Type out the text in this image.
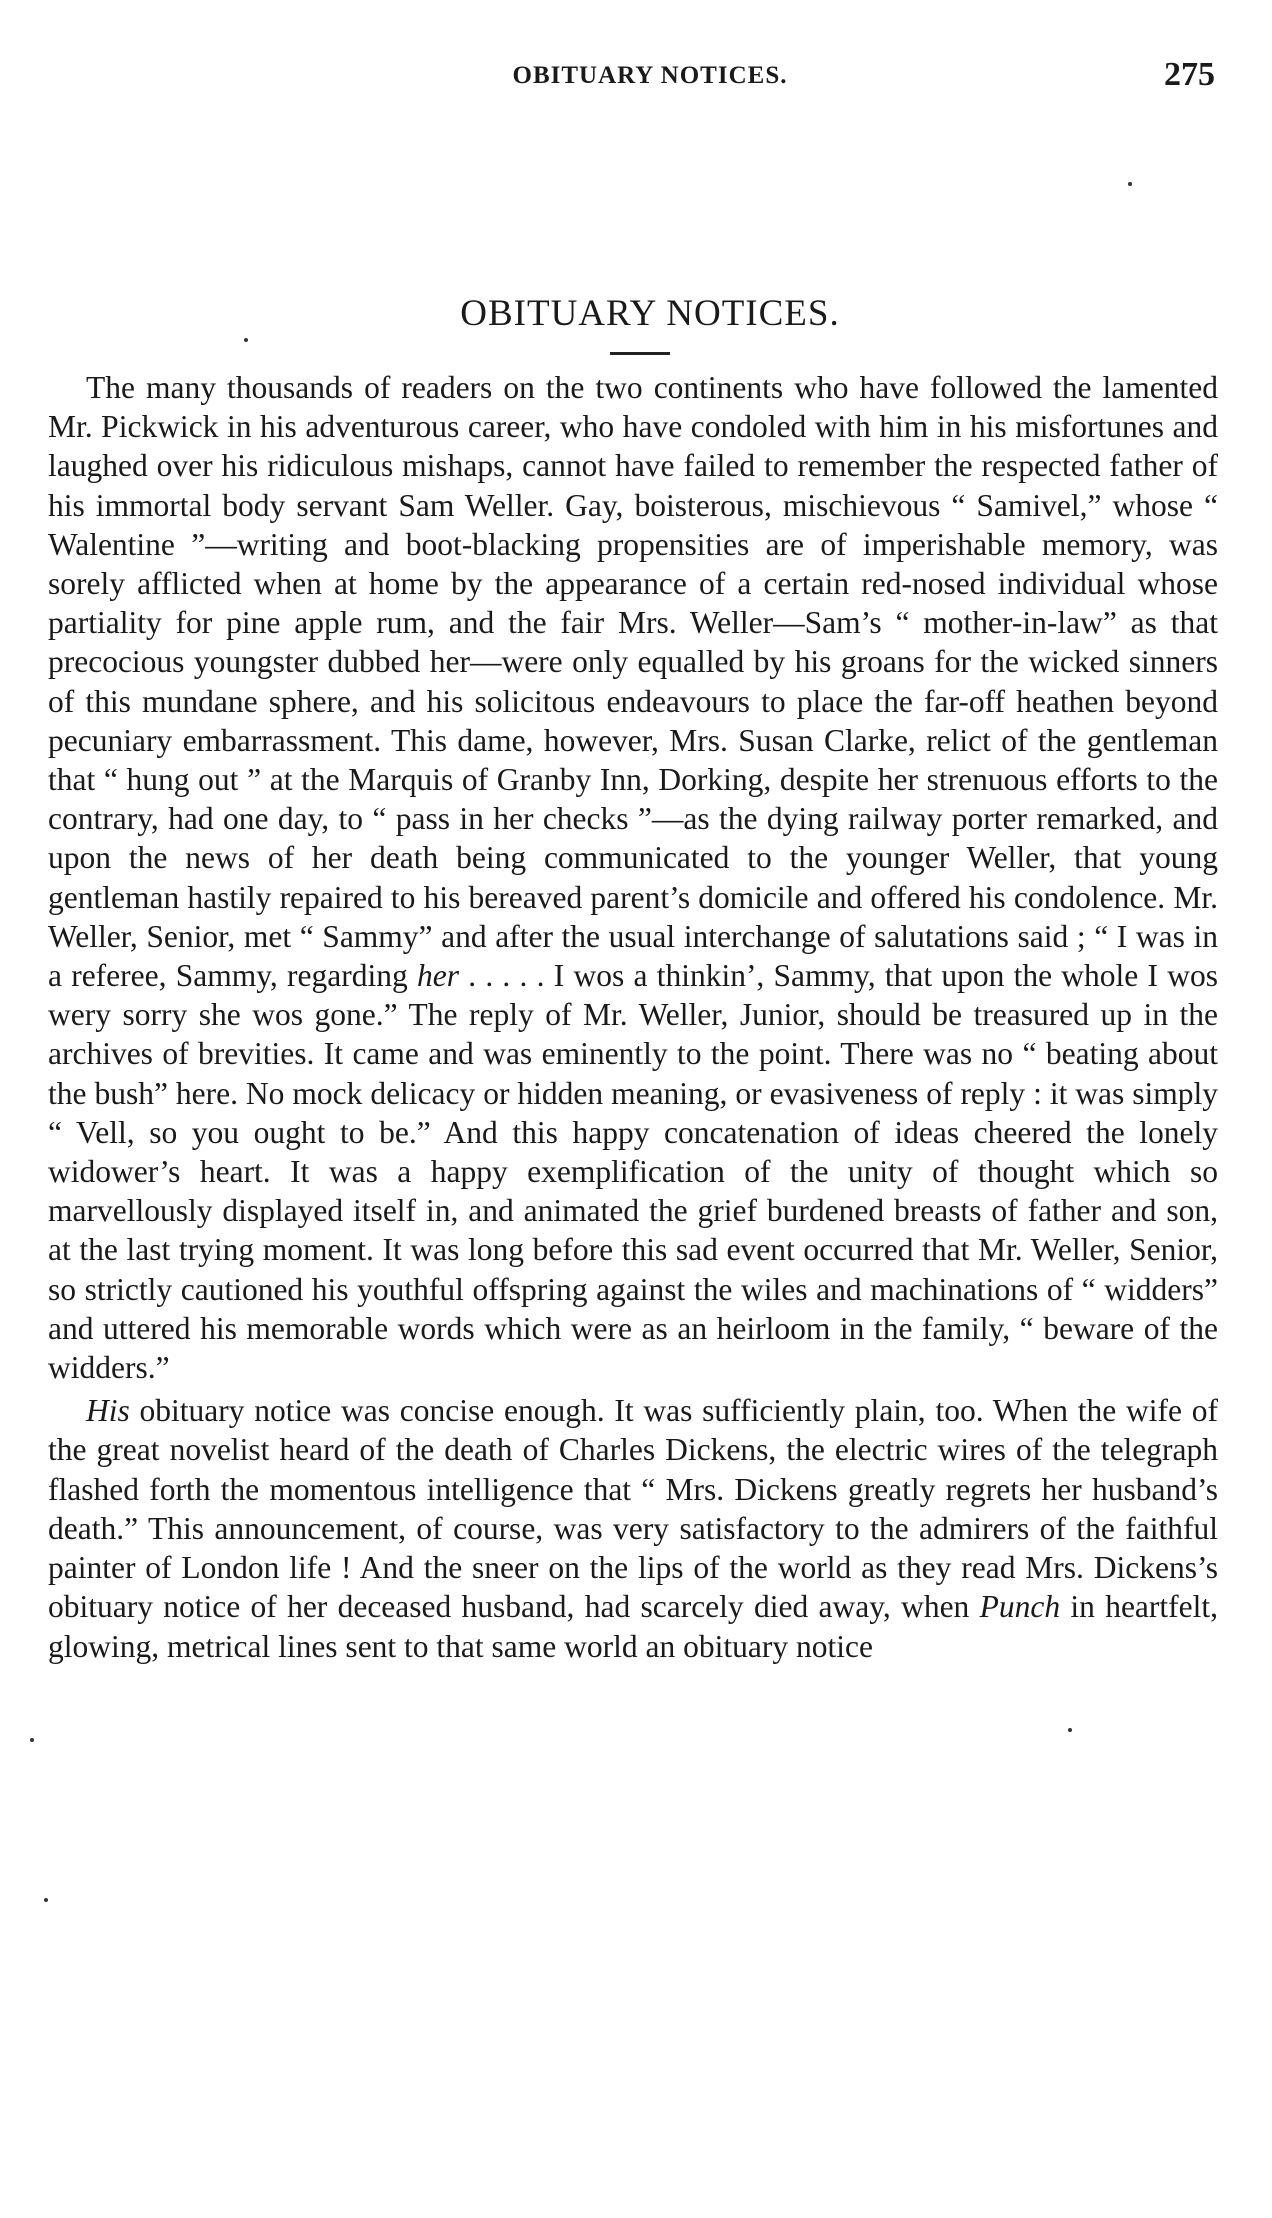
OBITUARY NOTICES.	275
OBITUARY NOTICES.

The many thousands of readers on the two continents who have followed the lamented Mr. Pickwick in his adventurous career, who have condoled with him in his misfortunes and laughed over his ridiculous mishaps, cannot have failed to remember the respected father of his immortal body servant Sam Weller. Gay, boisterous, mischievous “ Samivel,” whose “ Walentine ”—writing and boot-blacking propensities are of imperishable memory, was sorely afflicted when at home by the appearance of a certain red-nosed individual whose partiality for pine apple rum, and the fair Mrs. Weller—Sam’s “ mother-in-law” as that precocious youngster dubbed her—were only equalled by his groans for the wicked sinners of this mundane sphere, and his solicitous endeavours to place the far-off heathen beyond pecuniary embarrassment. This dame, however, Mrs. Susan Clarke, relict of the gentleman that “ hung out ” at the Marquis of Granby Inn, Dorking, despite her strenuous efforts to the contrary, had one day, to “ pass in her checks ”—as the dying railway porter remarked, and upon the news of her death being communicated to the younger Weller, that young gentleman hastily repaired to his bereaved parent’s domicile and offered his condolence. Mr. Weller, Senior, met “ Sammy” and after the usual interchange of salutations said ; “ I was in a referee, Sammy, regarding her . . . . . I wos a thinkin’, Sammy, that upon the whole I wos wery sorry she wos gone.” The reply of Mr. Weller, Junior, should be treasured up in the archives of brevities. It came and was eminently to the point. There was no “ beating about the bush” here. No mock delicacy or hidden meaning, or evasiveness of reply : it was simply “ Vell, so you ought to be.” And this happy concatenation of ideas cheered the lonely widower’s heart. It was a happy exemplification of the unity of thought which so marvellously displayed itself in, and animated the grief burdened breasts of father and son, at the last trying moment. It was long before this sad event occurred that Mr. Weller, Senior, so strictly cautioned his youthful offspring against the wiles and machinations of “ widders” and uttered his memorable words which were as an heirloom in the family, “ beware of the widders.”

His obituary notice was concise enough. It was sufficiently plain, too. When the wife of the great novelist heard of the death of Charles Dickens, the electric wires of the telegraph flashed forth the momentous intelligence that “ Mrs. Dickens greatly regrets her husband’s death.” This announcement, of course, was very satisfactory to the admirers of the faithful painter of London life ! And the sneer on the lips of the world as they read Mrs. Dickens’s obituary notice of her deceased husband, had scarcely died away, when Punch in heartfelt, glowing, metrical lines sent to that same world an obituary notice
